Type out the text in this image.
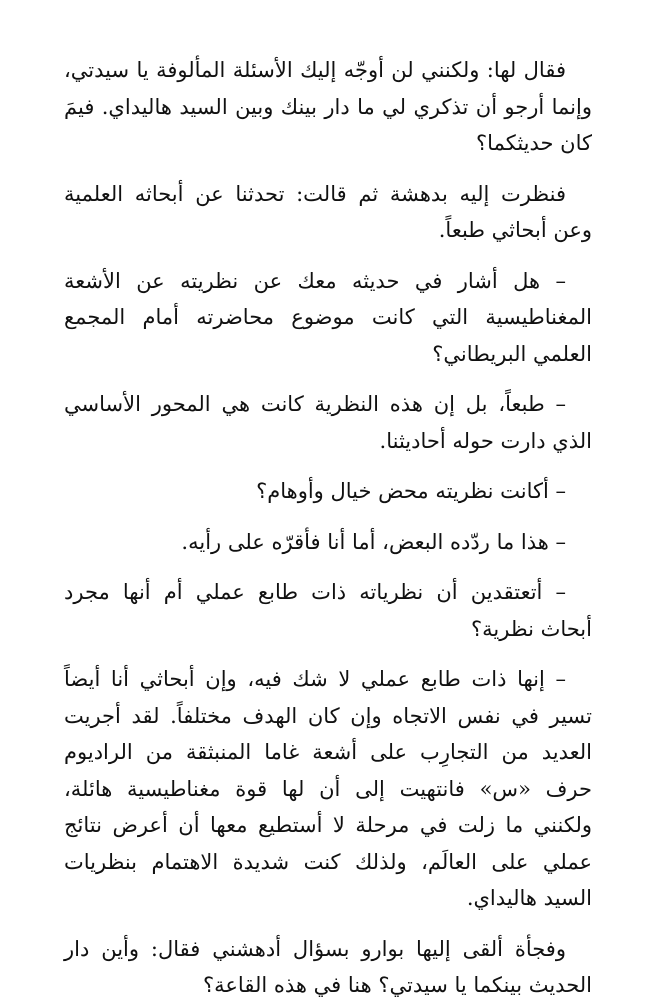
فقال لها: ولكنني لن أوجّه إليك الأسئلة المألوفة يا سيدتي، وإنما أرجو أن تذكري لي ما دار بينك وبين السيد هاليداي. فيمَ كان حديثكما؟

فنظرت إليه بدهشة ثم قالت: تحدثنا عن أبحاثه العلمية وعن أبحاثي طبعاً.

– هل أشار في حديثه معك عن نظريته عن الأشعة المغناطيسية التي كانت موضوع محاضرته أمام المجمع العلمي البريطاني؟

– طبعاً، بل إن هذه النظرية كانت هي المحور الأساسي الذي دارت حوله أحاديثنا.

– أكانت نظريته محض خيال وأوهام؟

– هذا ما ردّده البعض، أما أنا فأقرّه على رأيه.

– أتعتقدين أن نظرياته ذات طابع عملي أم أنها مجرد أبحاث نظرية؟

– إنها ذات طابع عملي لا شك فيه، وإن أبحاثي أنا أيضاً تسير في نفس الاتجاه وإن كان الهدف مختلفاً. لقد أجريت العديد من التجارِب على أشعة غاما المنبثقة من الراديوم حرف «س» فانتهيت إلى أن لها قوة مغناطيسية هائلة، ولكنني ما زلت في مرحلة لا أستطيع معها أن أعرض نتائج عملي على العالَم، ولذلك كنت شديدة الاهتمام بنظريات السيد هاليداي.

وفجأة ألقى إليها بوارو بسؤال أدهشني فقال: وأين دار الحديث بينكما يا سيدتي؟ هنا في هذه القاعة؟
